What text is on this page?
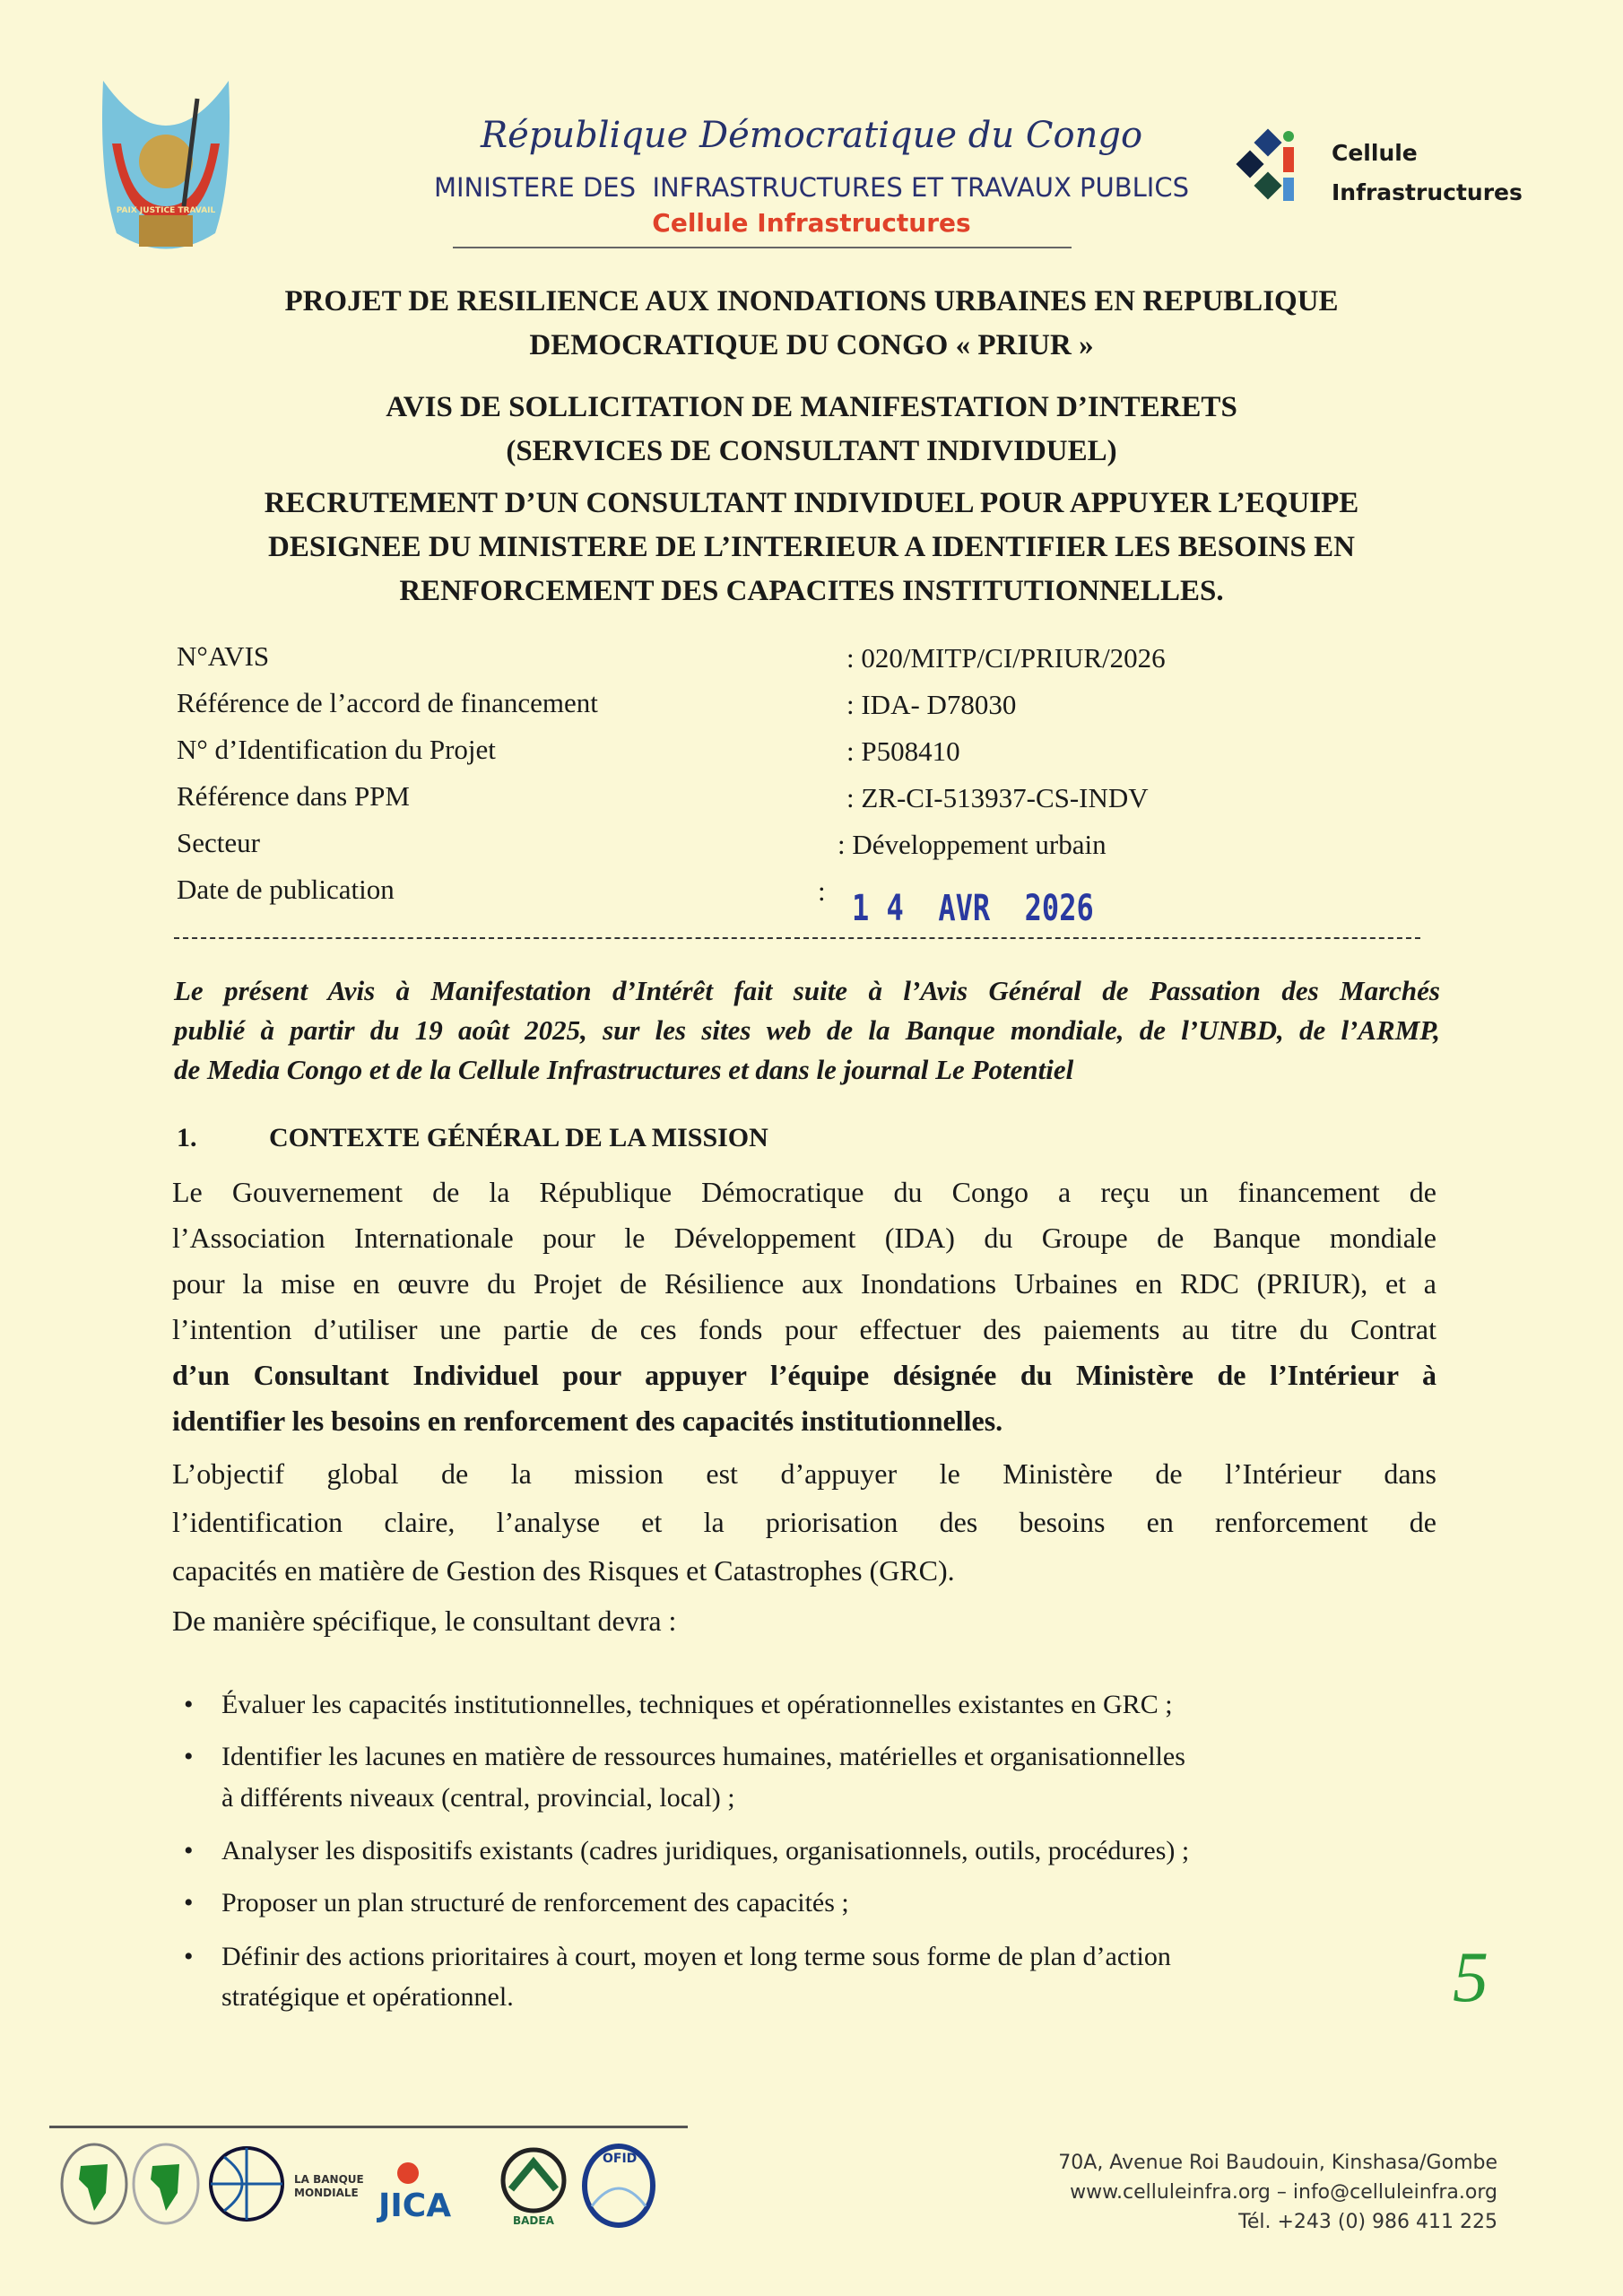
PAIX JUSTICE TRAVAIL
République Démocratique du Congo
MINISTERE DES  INFRASTRUCTURES ET TRAVAUX PUBLICS
Cellule Infrastructures
Cellule
Infrastructures
PROJET DE RESILIENCE AUX INONDATIONS URBAINES EN REPUBLIQUE
DEMOCRATIQUE DU CONGO « PRIUR »
AVIS DE SOLLICITATION DE MANIFESTATION D’INTERETS
(SERVICES DE CONSULTANT INDIVIDUEL)
RECRUTEMENT D’UN CONSULTANT INDIVIDUEL POUR APPUYER L’EQUIPE
DESIGNEE DU MINISTERE DE L’INTERIEUR A IDENTIFIER LES BESOINS EN
RENFORCEMENT DES CAPACITES INSTITUTIONNELLES.
N°AVIS	: 020/MITP/CI/PRIUR/2026
Référence de l’accord de financement	: IDA- D78030
N° d’Identification du Projet	: P508410
Référence dans PPM	: ZR-CI-513937-CS-INDV
Secteur	: Développement urbain
Date de publication	: 1 4  AVR  2026
Le présent Avis à Manifestation d’Intérêt fait suite à l’Avis Général de Passation des Marchés
publié à partir du 19 août 2025, sur les sites web de la Banque mondiale, de l’UNBD, de l’ARMP,
de Media Congo et de la Cellule Infrastructures et dans le journal Le Potentiel
1.	CONTEXTE GÉNÉRAL DE LA MISSION
Le Gouvernement de la République Démocratique du Congo a reçu un financement de
l’Association Internationale pour le Développement (IDA) du Groupe de Banque mondiale
pour la mise en œuvre du Projet de Résilience aux Inondations Urbaines en RDC (PRIUR), et a
l’intention d’utiliser une partie de ces fonds pour effectuer des paiements au titre du Contrat
d’un Consultant Individuel pour appuyer l’équipe désignée du Ministère de l’Intérieur à
identifier les besoins en renforcement des capacités institutionnelles.
L’objectif global de la mission est d’appuyer le Ministère de l’Intérieur dans
l’identification claire, l’analyse et la priorisation des besoins en renforcement de
capacités en matière de Gestion des Risques et Catastrophes (GRC).
De manière spécifique, le consultant devra :
• Évaluer les capacités institutionnelles, techniques et opérationnelles existantes en GRC ;
• Identifier les lacunes en matière de ressources humaines, matérielles et organisationnelles
à différents niveaux (central, provincial, local) ;
• Analyser les dispositifs existants (cadres juridiques, organisationnels, outils, procédures) ;
• Proposer un plan structuré de renforcement des capacités ;
• Définir des actions prioritaires à court, moyen et long terme sous forme de plan d’action
stratégique et opérationnel.	5
LA BANQUE MONDIALE JICA	BADEA
OFID	70A, Avenue Roi Baudouin, Kinshasa/Gombe
www.celluleinfra.org – info@celluleinfra.org
Tél. +243 (0) 986 411 225
